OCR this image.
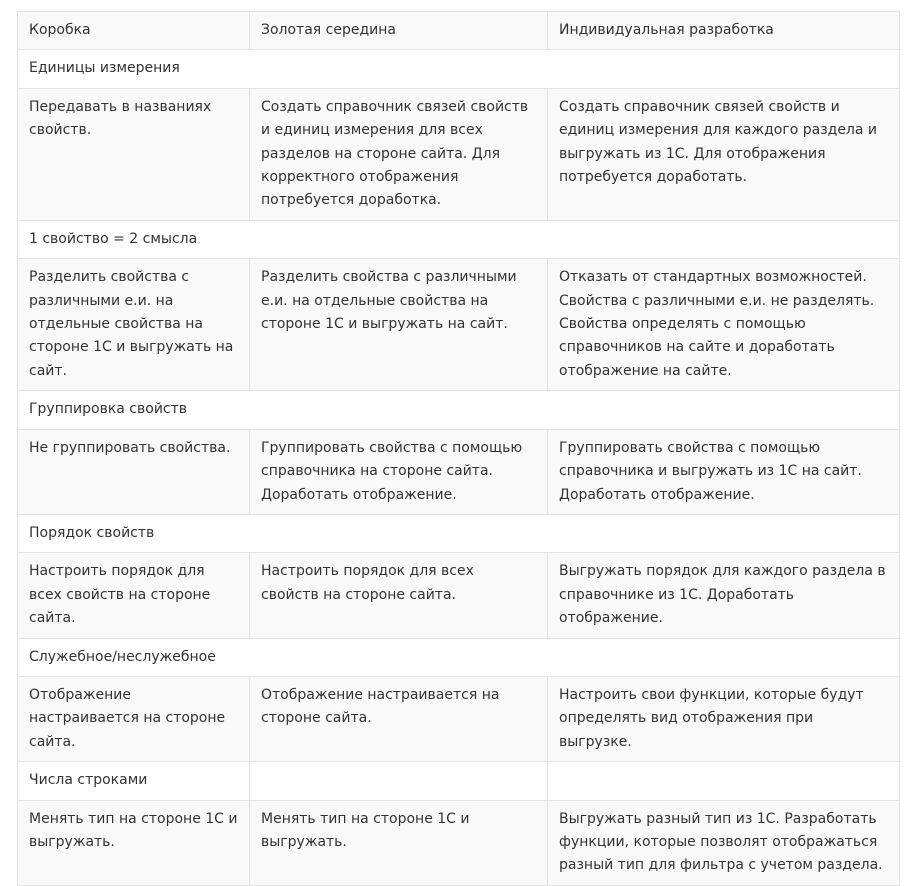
Коробка	Золотая середина	Индивидуальная разработка
Единицы измерения		
Передавать в названиях свойств.	Создать справочник связей свойств и единиц измерения для всех разделов на стороне сайта. Для корректного отображения потребуется доработка.	Создать справочник связей свойств и единиц измерения для каждого раздела и выгружать из 1С. Для отображения потребуется доработать.
1 свойство = 2 смысла		
Разделить свойства с различными е.и. на отдельные свойства на стороне 1С и выгружать на сайт.	Разделить свойства с различными е.и. на отдельные свойства на стороне 1С и выгружать на сайт.	Отказать от стандартных возможностей. Свойства с различными е.и. не разделять. Свойства определять с помощью справочников на сайте и доработать отображение на сайте.
Группировка свойств		
Не группировать свойства.	Группировать свойства с помощью справочника на стороне сайта. Доработать отображение.	Группировать свойства с помощью справочника и выгружать из 1С на сайт. Доработать отображение.
Порядок свойств		
Настроить порядок для всех свойств на стороне сайта.	Настроить порядок для всех свойств на стороне сайта.	Выгружать порядок для каждого раздела в справочнике из 1С. Доработать отображение.
Служебное/неслужебное		
Отображение настраивается на стороне сайта.	Отображение настраивается на стороне сайта.	Настроить свои функции, которые будут определять вид отображения при выгрузке.
Числа строками		
Менять тип на стороне 1С и выгружать.	Менять тип на стороне 1С и выгружать.	Выгружать разный тип из 1С. Разработать функции, которые позволят отображаться разный тип для фильтра с учетом раздела.
